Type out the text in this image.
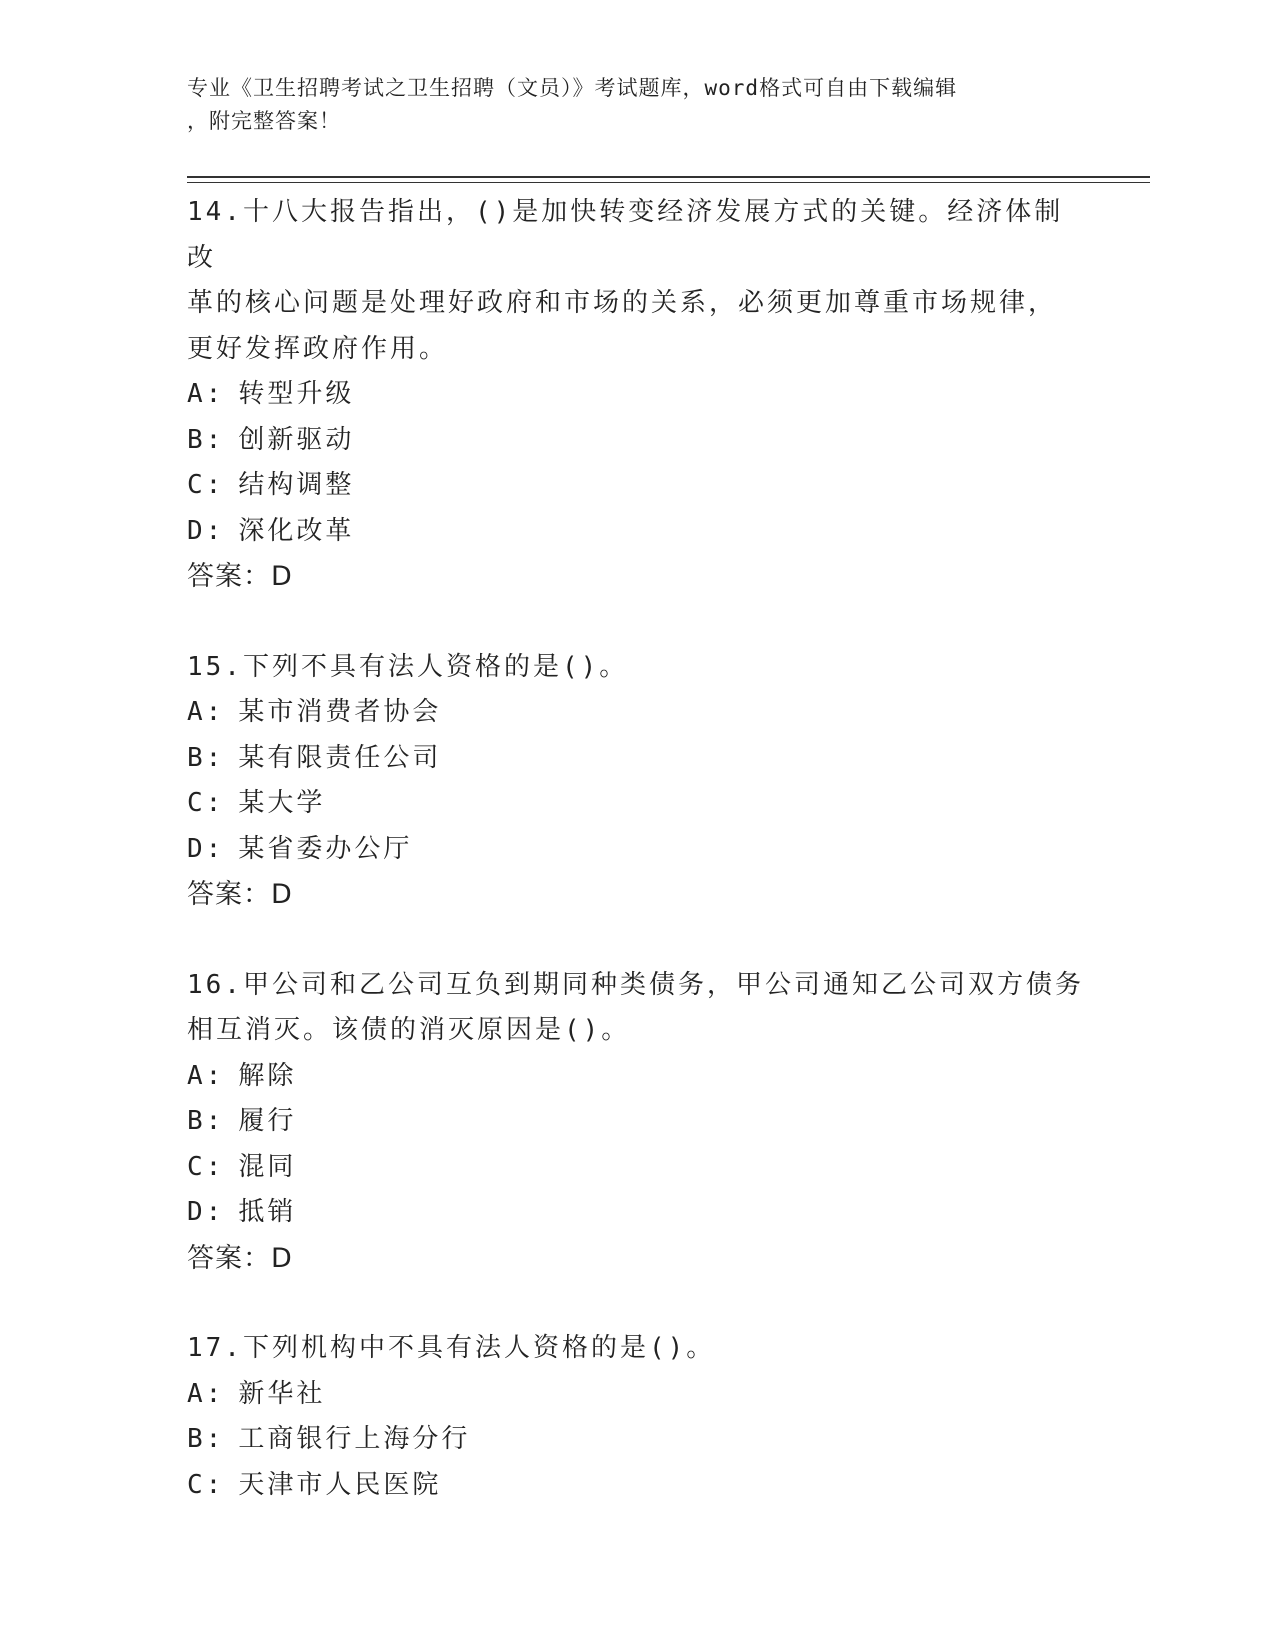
专业《卫生招聘考试之卫生招聘（文员）》考试题库，word格式可自由下载编辑
，附完整答案！
14.十八大报告指出，()是加快转变经济发展方式的关键。经济体制改
革的核心问题是处理好政府和市场的关系，必须更加尊重市场规律，
更好发挥政府作用。
A: 转型升级
B: 创新驱动
C: 结构调整
D: 深化改革
答案：D
15.下列不具有法人资格的是()。
A: 某市消费者协会
B: 某有限责任公司
C: 某大学
D: 某省委办公厅
答案：D
16.甲公司和乙公司互负到期同种类债务，甲公司通知乙公司双方债务
相互消灭。该债的消灭原因是()。
A: 解除
B: 履行
C: 混同
D: 抵销
答案：D
17.下列机构中不具有法人资格的是()。
A: 新华社
B: 工商银行上海分行
C: 天津市人民医院
